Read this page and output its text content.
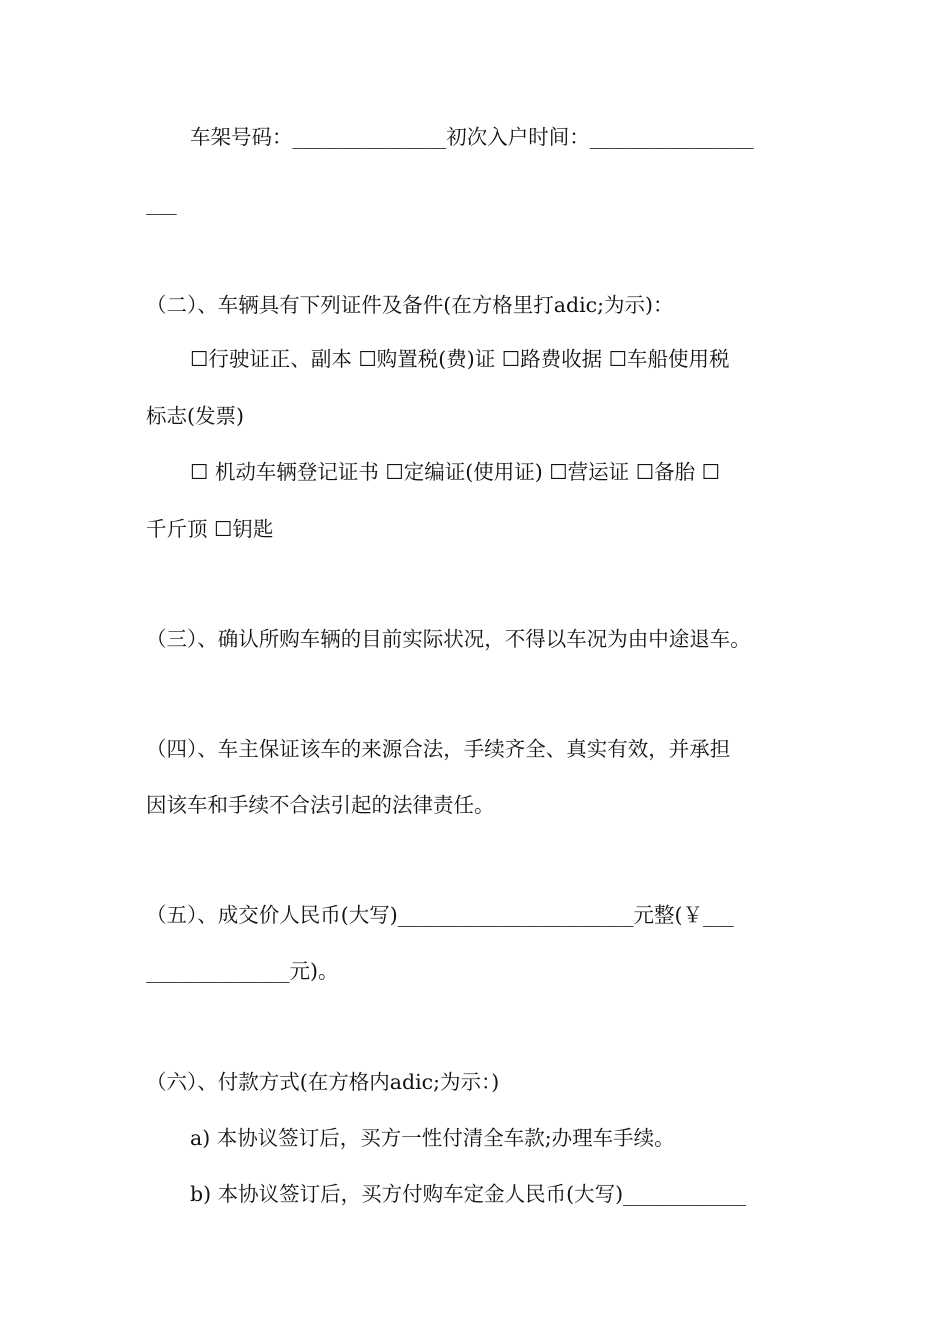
车架号码：_______________初次入户时间：________________
___
（二）、车辆具有下列证件及备件(在方格里打adic;为示)：
☐行驶证正、副本 ☐购置税(费)证 ☐路费收据 ☐车船使用税
标志(发票)
☐ 机动车辆登记证书 ☐定编证(使用证) ☐营运证 ☐备胎 ☐
千斤顶 ☐钥匙
（三）、确认所购车辆的目前实际状况，不得以车况为由中途退车。
（四）、车主保证该车的来源合法，手续齐全、真实有效，并承担
因该车和手续不合法引起的法律责任。
（五）、成交价人民币(大写)_______________________元整(￥___
______________元)。
（六）、付款方式(在方格内adic;为示：)
a) 本协议签订后，买方一性付清全车款;办理车手续。
b) 本协议签订后，买方付购车定金人民币(大写)____________
